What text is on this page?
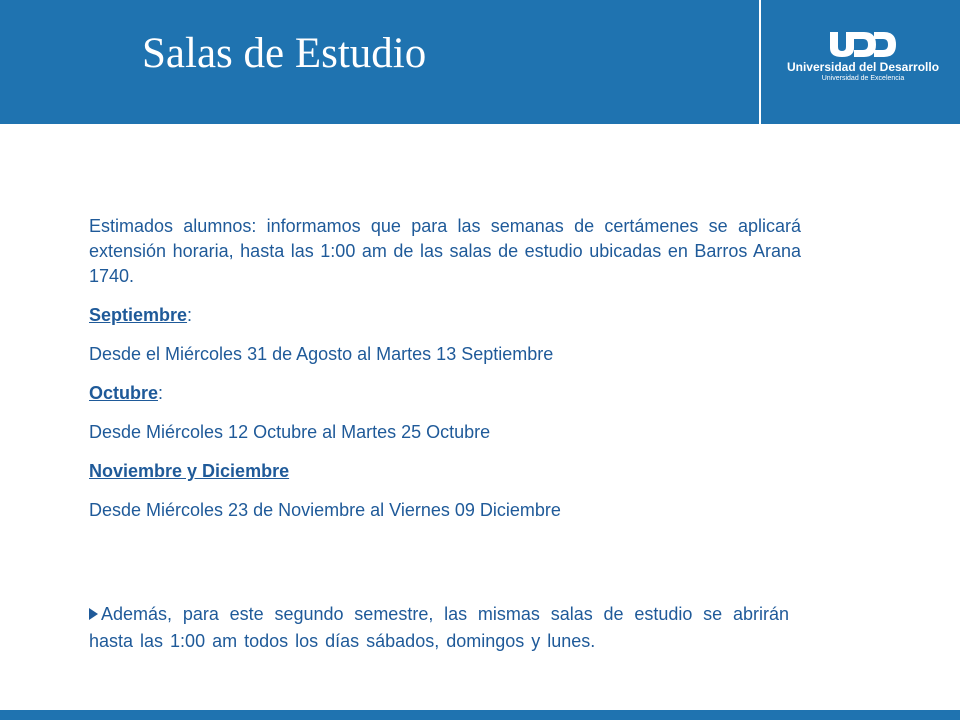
Salas de Estudio	Universidad del Desarrollo
Universidad de Excelencia

Estimados alumnos: informamos que para las semanas de certámenes se aplicará extensión horaria, hasta las 1:00 am de las salas de estudio ubicadas en Barros Arana 1740.

Septiembre:

Desde el Miércoles 31 de Agosto al Martes 13 Septiembre

Octubre:

Desde Miércoles 12 Octubre al Martes 25 Octubre

Noviembre y Diciembre

Desde Miércoles 23 de Noviembre al Viernes 09 Diciembre

Además, para este segundo semestre, las mismas salas de estudio se abrirán hasta las 1:00 am todos los días sábados, domingos y lunes.
